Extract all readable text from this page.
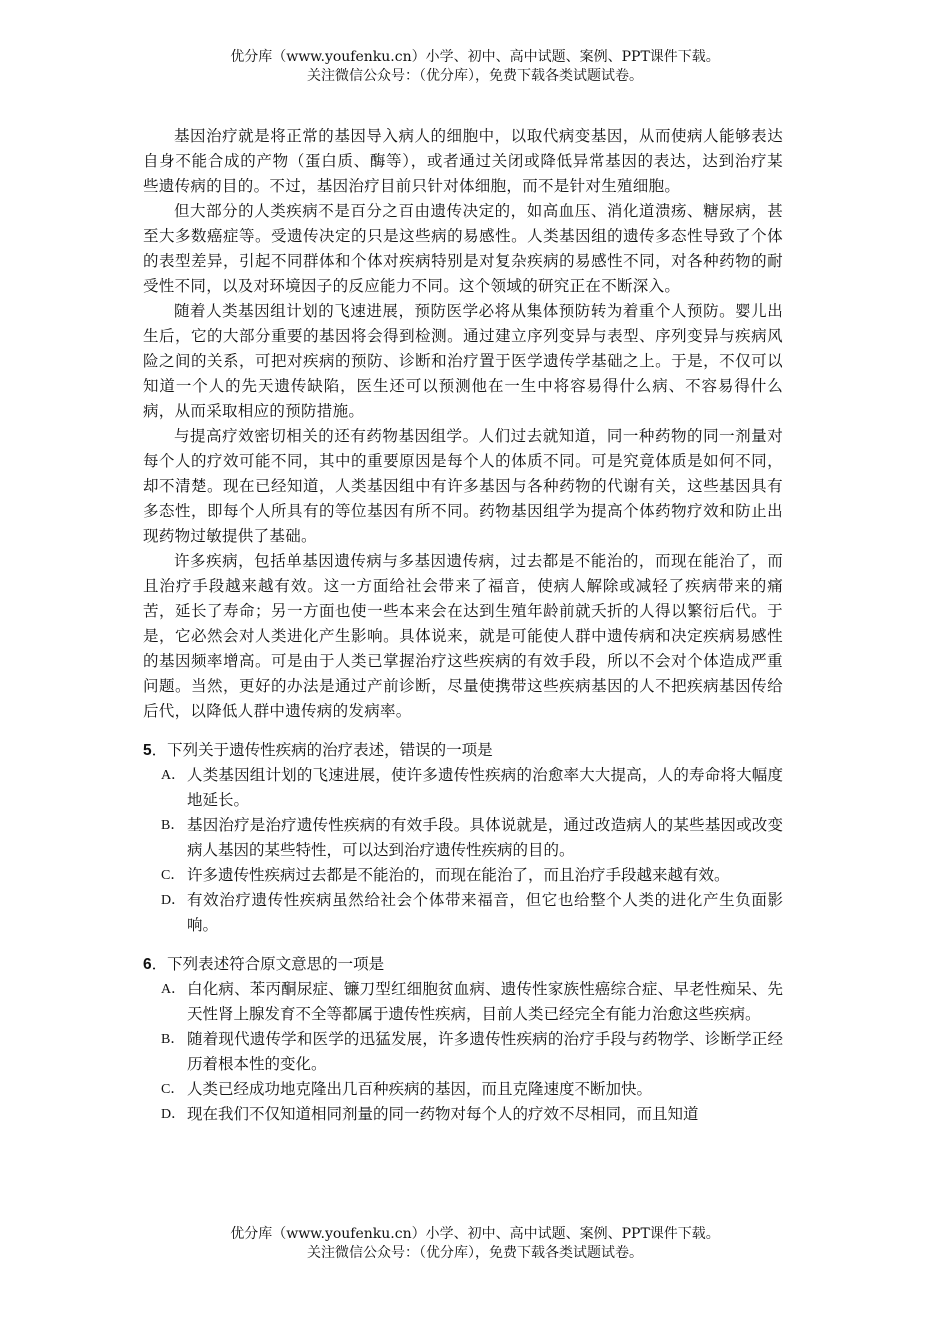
优分库（www.youfenku.cn）小学、初中、高中试题、案例、PPT课件下载。

关注微信公众号：（优分库），免费下载各类试题试卷。

基因治疗就是将正常的基因导入病人的细胞中，以取代病变基因，从而使病人能够表达自身不能合成的产物（蛋白质、酶等），或者通过关闭或降低异常基因的表达，达到治疗某些遗传病的目的。不过，基因治疗目前只针对体细胞，而不是针对生殖细胞。

但大部分的人类疾病不是百分之百由遗传决定的，如高血压、消化道溃疡、糖尿病，甚至大多数癌症等。受遗传决定的只是这些病的易感性。人类基因组的遗传多态性导致了个体的表型差异，引起不同群体和个体对疾病特别是对复杂疾病的易感性不同，对各种药物的耐受性不同，以及对环境因子的反应能力不同。这个领域的研究正在不断深入。

随着人类基因组计划的飞速进展，预防医学必将从集体预防转为着重个人预防。婴儿出生后，它的大部分重要的基因将会得到检测。通过建立序列变异与表型、序列变异与疾病风险之间的关系，可把对疾病的预防、诊断和治疗置于医学遗传学基础之上。于是，不仅可以知道一个人的先天遗传缺陷，医生还可以预测他在一生中将容易得什么病、不容易得什么病，从而采取相应的预防措施。

与提高疗效密切相关的还有药物基因组学。人们过去就知道，同一种药物的同一剂量对每个人的疗效可能不同，其中的重要原因是每个人的体质不同。可是究竟体质是如何不同，却不清楚。现在已经知道，人类基因组中有许多基因与各种药物的代谢有关，这些基因具有多态性，即每个人所具有的等位基因有所不同。药物基因组学为提高个体药物疗效和防止出现药物过敏提供了基础。

许多疾病，包括单基因遗传病与多基因遗传病，过去都是不能治的，而现在能治了，而且治疗手段越来越有效。这一方面给社会带来了福音，使病人解除或减轻了疾病带来的痛苦，延长了寿命；另一方面也使一些本来会在达到生殖年龄前就夭折的人得以繁衍后代。于是，它必然会对人类进化产生影响。具体说来，就是可能使人群中遗传病和决定疾病易感性的基因频率增高。可是由于人类已掌握治疗这些疾病的有效手段，所以不会对个体造成严重问题。当然，更好的办法是通过产前诊断，尽量使携带这些疾病基因的人不把疾病基因传给后代，以降低人群中遗传病的发病率。

5．下列关于遗传性疾病的治疗表述，错误的一项是
A． 人类基因组计划的飞速进展，使许多遗传性疾病的治愈率大大提高，人的寿命将大幅度地延长。
B． 基因治疗是治疗遗传性疾病的有效手段。具体说就是，通过改造病人的某些基因或改变病人基因的某些特性，可以达到治疗遗传性疾病的目的。
C． 许多遗传性疾病过去都是不能治的，而现在能治了，而且治疗手段越来越有效。
D． 有效治疗遗传性疾病虽然给社会个体带来福音，但它也给整个人类的进化产生负面影响。
6．下列表述符合原文意思的一项是
A． 白化病、苯丙酮尿症、镰刀型红细胞贫血病、遗传性家族性癌综合症、早老性痴呆、先天性肾上腺发育不全等都属于遗传性疾病，目前人类已经完全有能力治愈这些疾病。
B． 随着现代遗传学和医学的迅猛发展，许多遗传性疾病的治疗手段与药物学、诊断学正经历着根本性的变化。
C． 人类已经成功地克隆出几百种疾病的基因，而且克隆速度不断加快。
D． 现在我们不仅知道相同剂量的同一药物对每个人的疗效不尽相同，而且知道
优分库（www.youfenku.cn）小学、初中、高中试题、案例、PPT课件下载。

关注微信公众号：（优分库），免费下载各类试题试卷。
